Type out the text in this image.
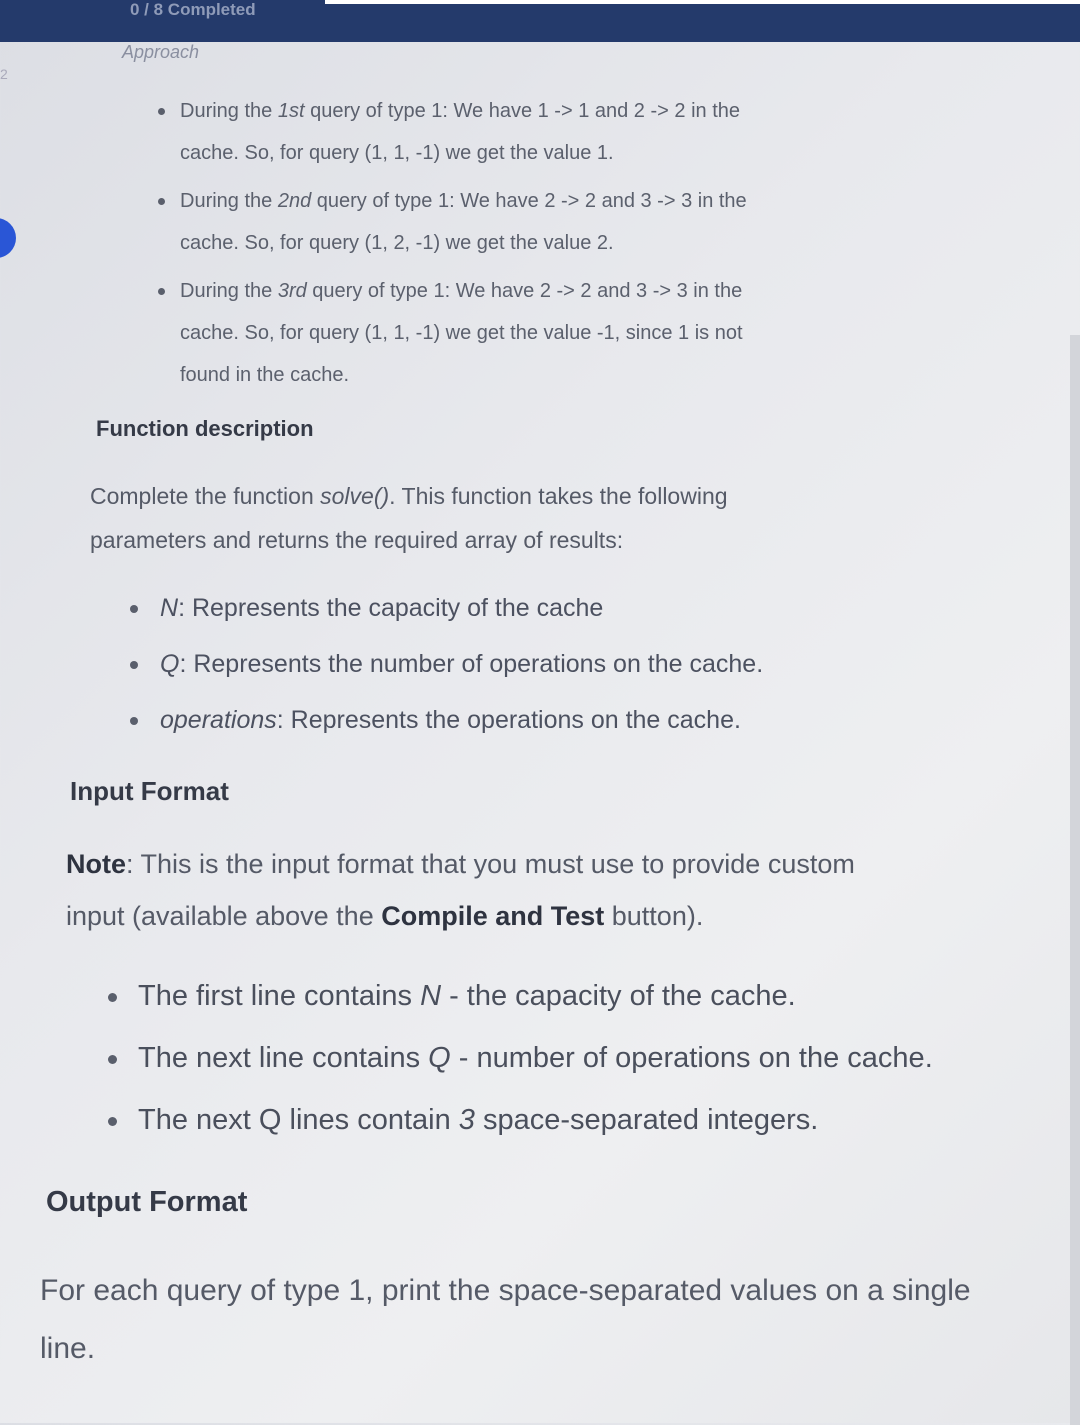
0 / 8 Completed
2
Approach
During the 1st query of type 1: We have 1 -> 1 and 2 -> 2 in the
cache. So, for query (1, 1, -1) we get the value 1.
During the 2nd query of type 1: We have 2 -> 2 and 3 -> 3 in the
cache. So, for query (1, 2, -1) we get the value 2.
During the 3rd query of type 1: We have 2 -> 2 and 3 -> 3 in the
cache. So, for query (1, 1, -1) we get the value -1, since 1 is not
found in the cache.
Function description
Complete the function solve(). This function takes the following
parameters and returns the required array of results:
N: Represents the capacity of the cache
Q: Represents the number of operations on the cache.
operations: Represents the operations on the cache.
Input Format
Note: This is the input format that you must use to provide custom
input (available above the Compile and Test button).
The first line contains N - the capacity of the cache.
The next line contains Q - number of operations on the cache.
The next Q lines contain 3 space-separated integers.
Output Format
For each query of type 1, print the space-separated values on a single
line.
